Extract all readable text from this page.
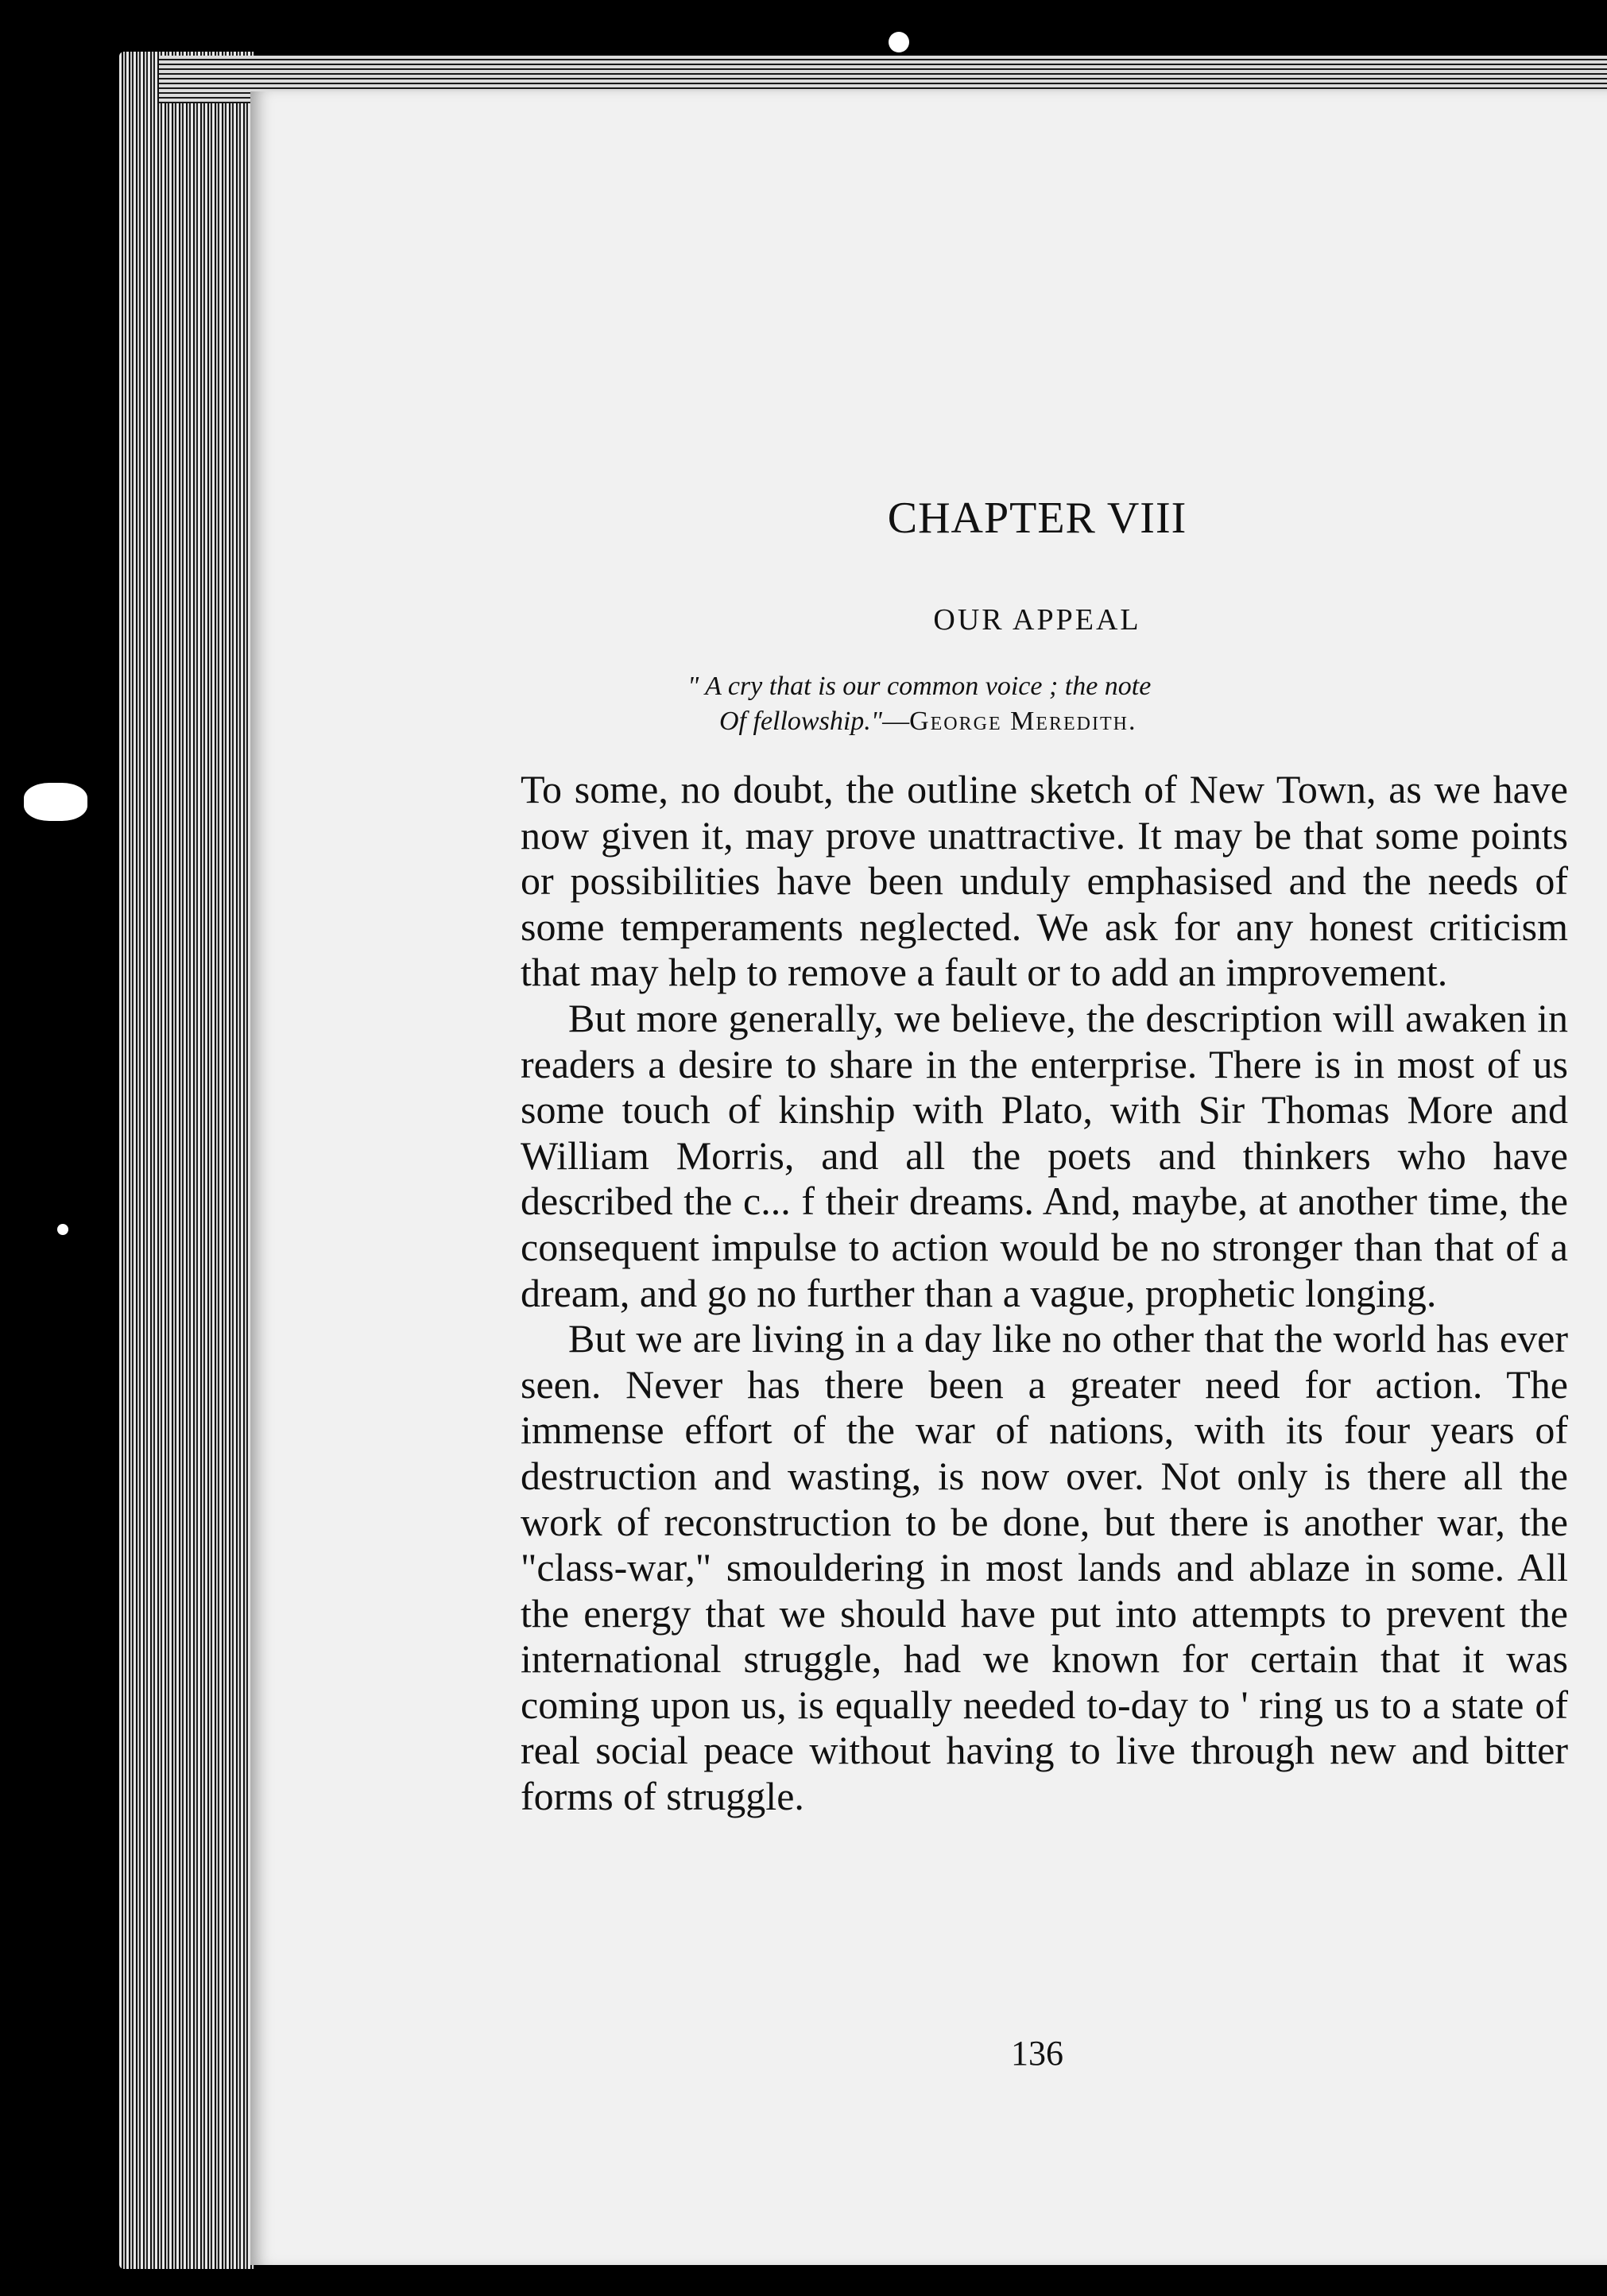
CHAPTER VIII
OUR APPEAL
" A cry that is our common voice ; the note
Of fellowship."—George Meredith.

To some, no doubt, the outline sketch of New Town, as we have now given it, may prove unattractive. It may be that some points or possibilities have been unduly emphasised and the needs of some temperaments neglected. We ask for any honest criticism that may help to remove a fault or to add an improvement.

But more generally, we believe, the description will awaken in readers a desire to share in the enterprise. There is in most of us some touch of kinship with Plato, with Sir Thomas More and William Morris, and all the poets and thinkers who have described the c... f their dreams. And, maybe, at another time, the consequent impulse to action would be no stronger than that of a dream, and go no further than a vague, prophetic longing.

But we are living in a day like no other that the world has ever seen. Never has there been a greater need for action. The immense effort of the war of nations, with its four years of destruction and wasting, is now over. Not only is there all the work of reconstruction to be done, but there is another war, the "class-war," smouldering in most lands and ablaze in some. All the energy that we should have put into attempts to prevent the international struggle, had we known for certain that it was coming upon us, is equally needed to-day to ' ring us to a state of real social peace without having to live through new and bitter forms of struggle.

136
